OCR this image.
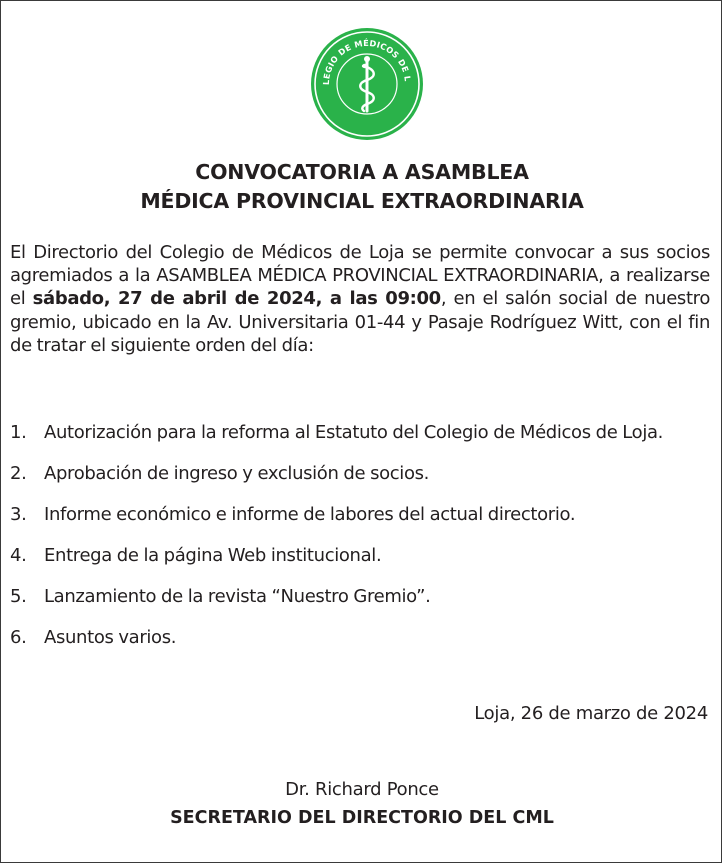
LEGIO DE MÉDICOS DE L
CONVOCATORIA A ASAMBLEA
MÉDICA PROVINCIAL EXTRAORDINARIA

El Directorio del Colegio de Médicos de Loja se permite convocar a sus socios agremiados a la ASAMBLEA MÉDICA PROVINCIAL EXTRAORDINARIA, a realizarse el sábado, 27 de abril de 2024, a las 09:00, en el salón social de nuestro gremio, ubicado en la Av. Universitaria 01-44 y Pasaje Rodríguez Witt, con el fin de tratar el siguiente orden del día:

1. Autorización para la reforma al Estatuto del Colegio de Médicos de Loja.
2. Aprobación de ingreso y exclusión de socios.
3. Informe económico e informe de labores del actual directorio.
4. Entrega de la página Web institucional.
5. Lanzamiento de la revista “Nuestro Gremio”.
6. Asuntos varios.
Loja, 26 de marzo de 2024
Dr. Richard Ponce
SECRETARIO DEL DIRECTORIO DEL CML
